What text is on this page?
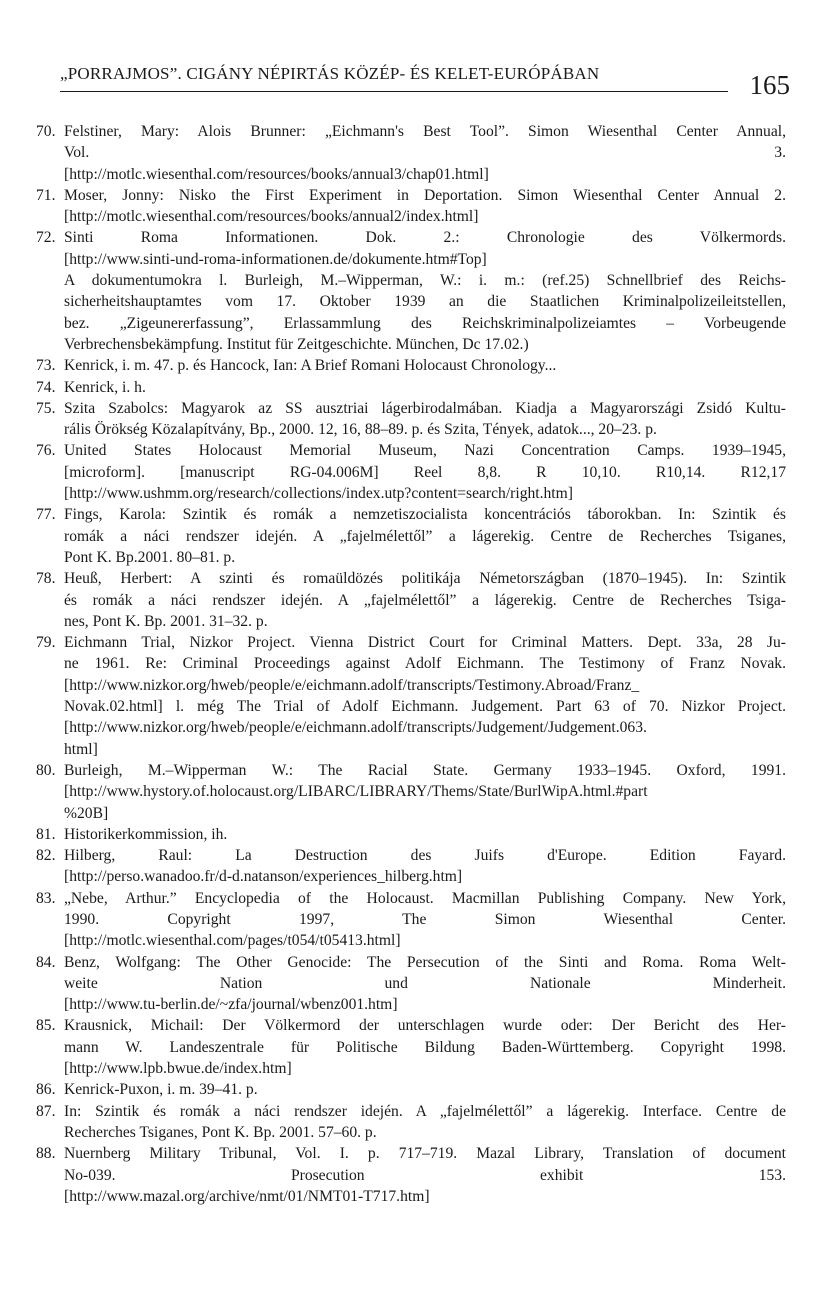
„PORRAJMOS”. CIGÁNY NÉPIRTÁS KÖZÉP- ÉS KELET-EURÓPÁBAN	165
70. Felstiner, Mary: Alois Brunner: „Eichmann's Best Tool”. Simon Wiesenthal Center Annual,
Vol. 3.
[http://motlc.wiesenthal.com/resources/books/annual3/chap01.html]
71. Moser, Jonny: Nisko the First Experiment in Deportation. Simon Wiesenthal Center Annual 2.
[http://motlc.wiesenthal.com/resources/books/annual2/index.html]
72. Sinti Roma Informationen. Dok. 2.: Chronologie des Völkermords.
[http://www.sinti-und-roma-informationen.de/dokumente.htm#Top]
A dokumentumokra l. Burleigh, M.–Wipperman, W.: i. m.: (ref.25) Schnellbrief des Reichs-
sicherheitshauptamtes vom 17. Oktober 1939 an die Staatlichen Kriminalpolizeileitstellen,
bez. „Zigeunererfassung”, Erlassammlung des Reichskriminalpolizeiamtes – Vorbeugende
Verbrechensbekämpfung. Institut für Zeitgeschichte. München, Dc 17.02.)
73. Kenrick, i. m. 47. p. és Hancock, Ian: A Brief Romani Holocaust Chronology...
74. Kenrick, i. h.
75. Szita Szabolcs: Magyarok az SS ausztriai lágerbirodalmában. Kiadja a Magyarországi Zsidó Kultu-
rális Örökség Közalapítvány, Bp., 2000. 12, 16, 88–89. p. és Szita, Tények, adatok..., 20–23. p.
76. United States Holocaust Memorial Museum, Nazi Concentration Camps. 1939–1945,
[microform]. [manuscript RG-04.006M] Reel 8,8. R 10,10. R10,14. R12,17
[http://www.ushmm.org/research/collections/index.utp?content=search/right.htm]
77. Fings, Karola: Szintik és romák a nemzetiszocialista koncentrációs táborokban. In: Szintik és
romák a náci rendszer idején. A „fajelmélettől” a lágerekig. Centre de Recherches Tsiganes,
Pont K. Bp.2001. 80–81. p.
78. Heuß, Herbert: A szinti és romaüldözés politikája Németországban (1870–1945). In: Szintik
és romák a náci rendszer idején. A „fajelmélettől” a lágerekig. Centre de Recherches Tsiga-
nes, Pont K. Bp. 2001. 31–32. p.
79. Eichmann Trial, Nizkor Project. Vienna District Court for Criminal Matters. Dept. 33a, 28 Ju-
ne 1961. Re: Criminal Proceedings against Adolf Eichmann. The Testimony of Franz Novak.
[http://www.nizkor.org/hweb/people/e/eichmann.adolf/transcripts/Testimony.Abroad/Franz_
Novak.02.html] l. még The Trial of Adolf Eichmann. Judgement. Part 63 of 70. Nizkor Project.
[http://www.nizkor.org/hweb/people/e/eichmann.adolf/transcripts/Judgement/Judgement.063.
html]
80. Burleigh, M.–Wipperman W.: The Racial State. Germany 1933–1945. Oxford, 1991.
[http://www.hystory.of.holocaust.org/LIBARC/LIBRARY/Thems/State/BurlWipA.html.#part
%20B]
81. Historikerkommission, ih.
82. Hilberg, Raul: La Destruction des Juifs d'Europe. Edition Fayard.
[http://perso.wanadoo.fr/d-d.natanson/experiences_hilberg.htm]
83. „Nebe, Arthur.” Encyclopedia of the Holocaust. Macmillan Publishing Company. New York,
1990. Copyright 1997, The Simon Wiesenthal Center.
[http://motlc.wiesenthal.com/pages/t054/t05413.html]
84. Benz, Wolfgang: The Other Genocide: The Persecution of the Sinti and Roma. Roma Welt-
weite Nation und Nationale Minderheit.
[http://www.tu-berlin.de/~zfa/journal/wbenz001.htm]
85. Krausnick, Michail: Der Völkermord der unterschlagen wurde oder: Der Bericht des Her-
mann W. Landeszentrale für Politische Bildung Baden-Württemberg. Copyright 1998.
[http://www.lpb.bwue.de/index.htm]
86. Kenrick-Puxon, i. m. 39–41. p.
87. In: Szintik és romák a náci rendszer idején. A „fajelmélettől” a lágerekig. Interface. Centre de
Recherches Tsiganes, Pont K. Bp. 2001. 57–60. p.
88. Nuernberg Military Tribunal, Vol. I. p. 717–719. Mazal Library, Translation of document
No-039. Prosecution exhibit 153.
[http://www.mazal.org/archive/nmt/01/NMT01-T717.htm]
